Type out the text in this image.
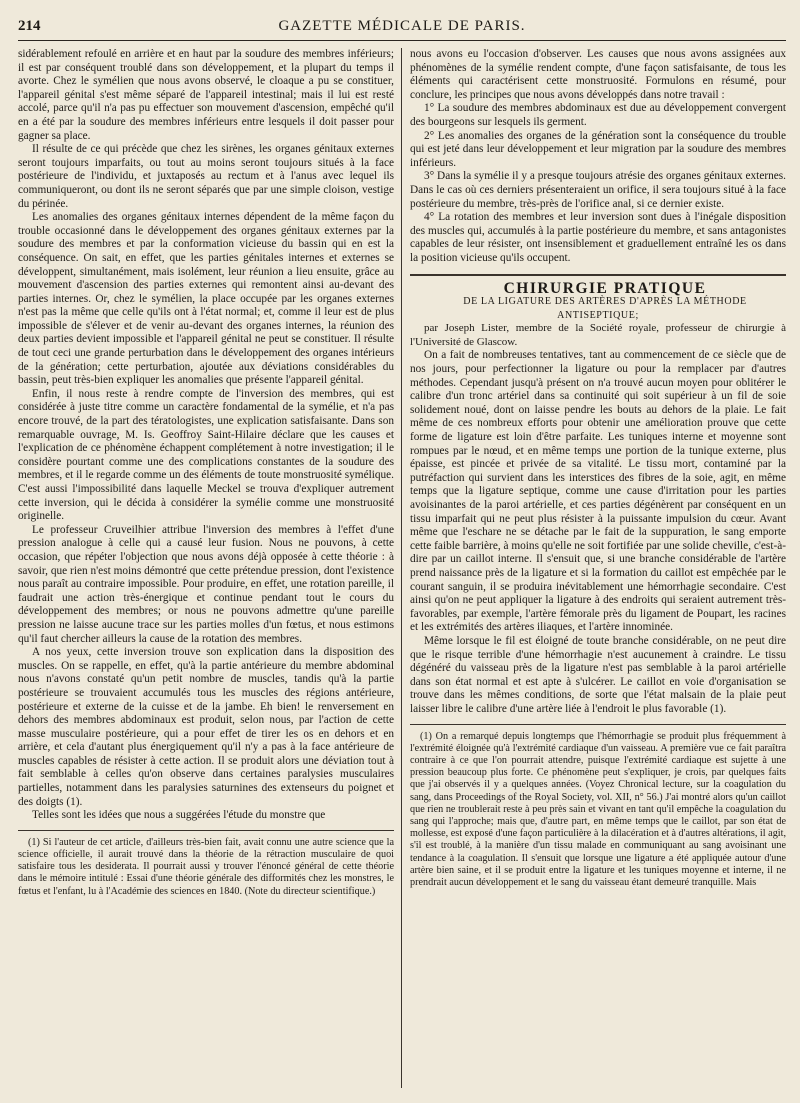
214	GAZETTE MÉDICALE DE PARIS.

sidérablement refoulé en arrière et en haut par la soudure des membres inférieurs; il est par conséquent troublé dans son développement, et la plupart du temps il avorte. Chez le symélien que nous avons observé, le cloaque a pu se constituer, l'appareil génital s'est même séparé de l'appareil intestinal; mais il lui est resté accolé, parce qu'il n'a pas pu effectuer son mouvement d'ascension, empêché qu'il en a été par la soudure des membres inférieurs entre lesquels il doit passer pour gagner sa place.

Il résulte de ce qui précède que chez les sirènes, les organes génitaux externes seront toujours imparfaits, ou tout au moins seront toujours situés à la face postérieure de l'individu, et juxtaposés au rectum et à l'anus avec lequel ils communiqueront, ou dont ils ne seront séparés que par une simple cloison, vestige du périnée.

Les anomalies des organes génitaux internes dépendent de la même façon du trouble occasionné dans le développement des organes génitaux externes par la soudure des membres et par la conformation vicieuse du bassin qui en est la conséquence. On sait, en effet, que les parties génitales internes et externes se développent, simultanément, mais isolément, leur réunion a lieu ensuite, grâce au mouvement d'ascension des parties externes qui remontent ainsi au-devant des parties internes. Or, chez le symélien, la place occupée par les organes externes n'est pas la même que celle qu'ils ont à l'état normal; et, comme il leur est de plus impossible de s'élever et de venir au-devant des organes internes, la réunion des deux parties devient impossible et l'appareil génital ne peut se constituer. Il résulte de tout ceci une grande perturbation dans le développement des organes intérieurs de la génération; cette perturbation, ajoutée aux déviations considérables du bassin, peut très-bien expliquer les anomalies que présente l'appareil génital.

Enfin, il nous reste à rendre compte de l'inversion des membres, qui est considérée à juste titre comme un caractère fondamental de la symélie, et n'a pas encore trouvé, de la part des tératologistes, une explication satisfaisante. Dans son remarquable ouvrage, M. Is. Geoffroy Saint-Hilaire déclare que les causes et l'explication de ce phénomène échappent complétement à notre investigation; il le considère pourtant comme une des complications constantes de la soudure des membres, et il le regarde comme un des éléments de toute monstruosité symélique. C'est aussi l'impossibilité dans laquelle Meckel se trouva d'expliquer autrement cette inversion, qui le décida à considérer la symélie comme une monstruosité originelle.

Le professeur Cruveilhier attribue l'inversion des membres à l'effet d'une pression analogue à celle qui a causé leur fusion. Nous ne pouvons, à cette occasion, que répéter l'objection que nous avons déjà opposée à cette théorie : à savoir, que rien n'est moins démontré que cette prétendue pression, dont l'existence nous paraît au contraire impossible. Pour produire, en effet, une rotation pareille, il faudrait une action très-énergique et continue pendant tout le cours du développement des membres; or nous ne pouvons admettre qu'une pareille pression ne laisse aucune trace sur les parties molles d'un fœtus, et nous estimons qu'il faut chercher ailleurs la cause de la rotation des membres.

A nos yeux, cette inversion trouve son explication dans la disposition des muscles. On se rappelle, en effet, qu'à la partie antérieure du membre abdominal nous n'avons constaté qu'un petit nombre de muscles, tandis qu'à la partie postérieure se trouvaient accumulés tous les muscles des régions antérieure, postérieure et externe de la cuisse et de la jambe. Eh bien! le renversement en dehors des membres abdominaux est produit, selon nous, par l'action de cette masse musculaire postérieure, qui a pour effet de tirer les os en dehors et en arrière, et cela d'autant plus énergiquement qu'il n'y a pas à la face antérieure de muscles capables de résister à cette action. Il se produit alors une déviation tout à fait semblable à celles qu'on observe dans certaines paralysies musculaires partielles, notamment dans les paralysies saturnines des extenseurs du poignet et des doigts (1).

Telles sont les idées que nous a suggérées l'étude du monstre que

(1) Si l'auteur de cet article, d'ailleurs très-bien fait, avait connu une autre science que la science officielle, il aurait trouvé dans la théorie de la rétraction musculaire de quoi satisfaire tous les desiderata. Il pourrait aussi y trouver l'énoncé général de cette théorie dans le mémoire intitulé : Essai d'une théorie générale des difformités chez les monstres, le fœtus et l'enfant, lu à l'Académie des sciences en 1840. (Note du directeur scientifique.)

nous avons eu l'occasion d'observer. Les causes que nous avons assignées aux phénomènes de la symélie rendent compte, d'une façon satisfaisante, de tous les éléments qui caractérisent cette monstruosité. Formulons en résumé, pour conclure, les principes que nous avons développés dans notre travail :

1° La soudure des membres abdominaux est due au développement convergent des bourgeons sur lesquels ils germent.

2° Les anomalies des organes de la génération sont la conséquence du trouble qui est jeté dans leur développement et leur migration par la soudure des membres inférieurs.

3° Dans la symélie il y a presque toujours atrésie des organes génitaux externes. Dans le cas où ces derniers présenteraient un orifice, il sera toujours situé à la face postérieure du membre, très-près de l'orifice anal, si ce dernier existe.

4° La rotation des membres et leur inversion sont dues à l'inégale disposition des muscles qui, accumulés à la partie postérieure du membre, et sans antagonistes capables de leur résister, ont insensiblement et graduellement entraîné les os dans la position vicieuse qu'ils occupent.

CHIRURGIE PRATIQUE

DE LA LIGATURE DES ARTÈRES D'APRÈS LA MÉTHODE ANTISEPTIQUE;

par Joseph Lister, membre de la Société royale, professeur de chirurgie à l'Université de Glascow.

On a fait de nombreuses tentatives, tant au commencement de ce siècle que de nos jours, pour perfectionner la ligature ou pour la remplacer par d'autres méthodes. Cependant jusqu'à présent on n'a trouvé aucun moyen pour oblitérer le calibre d'un tronc artériel dans sa continuité qui soit supérieur à un fil de soie solidement noué, dont on laisse pendre les bouts au dehors de la plaie. Le fait même de ces nombreux efforts pour obtenir une amélioration prouve que cette forme de ligature est loin d'être parfaite. Les tuniques interne et moyenne sont rompues par le nœud, et en même temps une portion de la tunique externe, plus épaisse, est pincée et privée de sa vitalité. Le tissu mort, contaminé par la putréfaction qui survient dans les interstices des fibres de la soie, agit, en même temps que la ligature septique, comme une cause d'irritation pour les parties avoisinantes de la paroi artérielle, et ces parties dégénèrent par conséquent en un tissu imparfait qui ne peut plus résister à la puissante impulsion du cœur. Avant même que l'eschare ne se détache par le fait de la suppuration, le sang emporte cette faible barrière, à moins qu'elle ne soit fortifiée par une solide cheville, c'est-à-dire par un caillot interne. Il s'ensuit que, si une branche considérable de l'artère prend naissance près de la ligature et si la formation du caillot est empêchée par le courant sanguin, il se produira inévitablement une hémorrhagie secondaire. C'est ainsi qu'on ne peut appliquer la ligature à des endroits qui seraient autrement très-favorables, par exemple, l'artère fémorale près du ligament de Poupart, les racines et les extrémités des artères iliaques, et l'artère innominée.

Même lorsque le fil est éloigné de toute branche considérable, on ne peut dire que le risque terrible d'une hémorrhagie n'est aucunement à craindre. Le tissu dégénéré du vaisseau près de la ligature n'est pas semblable à la paroi artérielle dans son état normal et est apte à s'ulcérer. Le caillot en voie d'organisation se trouve dans les mêmes conditions, de sorte que l'état malsain de la plaie peut laisser libre le calibre d'une artère liée à l'endroit le plus favorable (1).

(1) On a remarqué depuis longtemps que l'hémorrhagie se produit plus fréquemment à l'extrémité éloignée qu'à l'extrémité cardiaque d'un vaisseau. A première vue ce fait paraîtra contraire à ce que l'on pourrait attendre, puisque l'extrémité cardiaque est sujette à une pression beaucoup plus forte. Ce phénomène peut s'expliquer, je crois, par quelques faits que j'ai observés il y a quelques années. (Voyez Chronical lecture, sur la coagulation du sang, dans Proceedings of the Royal Society, vol. XII, n° 56.) J'ai montré alors qu'un caillot que rien ne troublerait reste à peu près sain et vivant en tant qu'il empêche la coagulation du sang qui l'approche; mais que, d'autre part, en même temps que le caillot, par son état de mollesse, est exposé d'une façon particulière à la dilacération et à d'autres altérations, il agit, s'il est troublé, à la manière d'un tissu malade en communiquant au sang avoisinant une tendance à la coagulation. Il s'ensuit que lorsque une ligature a été appliquée autour d'une artère bien saine, et il se produit entre la ligature et les tuniques moyenne et interne, il ne prendrait aucun développement et le sang du vaisseau étant demeuré tranquille. Mais
